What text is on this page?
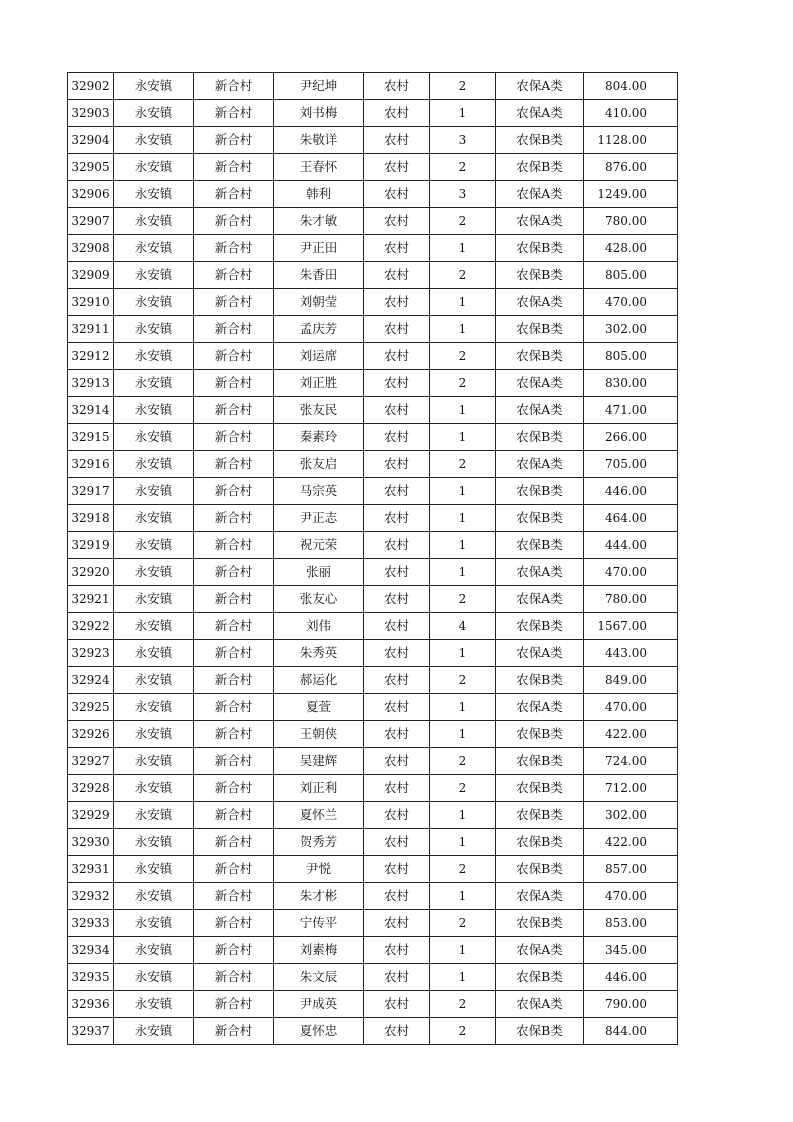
32902	永安镇	新合村	尹纪坤	农村	2	农保A类	804.00
32903	永安镇	新合村	刘书梅	农村	1	农保A类	410.00
32904	永安镇	新合村	朱敬详	农村	3	农保B类	1128.00
32905	永安镇	新合村	王春怀	农村	2	农保B类	876.00
32906	永安镇	新合村	韩利	农村	3	农保A类	1249.00
32907	永安镇	新合村	朱才敏	农村	2	农保A类	780.00
32908	永安镇	新合村	尹正田	农村	1	农保B类	428.00
32909	永安镇	新合村	朱香田	农村	2	农保B类	805.00
32910	永安镇	新合村	刘朝莹	农村	1	农保A类	470.00
32911	永安镇	新合村	孟庆芳	农村	1	农保B类	302.00
32912	永安镇	新合村	刘运席	农村	2	农保B类	805.00
32913	永安镇	新合村	刘正胜	农村	2	农保A类	830.00
32914	永安镇	新合村	张友民	农村	1	农保A类	471.00
32915	永安镇	新合村	秦素玲	农村	1	农保B类	266.00
32916	永安镇	新合村	张友启	农村	2	农保A类	705.00
32917	永安镇	新合村	马宗英	农村	1	农保B类	446.00
32918	永安镇	新合村	尹正志	农村	1	农保B类	464.00
32919	永安镇	新合村	祝元荣	农村	1	农保B类	444.00
32920	永安镇	新合村	张丽	农村	1	农保A类	470.00
32921	永安镇	新合村	张友心	农村	2	农保A类	780.00
32922	永安镇	新合村	刘伟	农村	4	农保B类	1567.00
32923	永安镇	新合村	朱秀英	农村	1	农保A类	443.00
32924	永安镇	新合村	郝运化	农村	2	农保B类	849.00
32925	永安镇	新合村	夏萱	农村	1	农保A类	470.00
32926	永安镇	新合村	王朝侠	农村	1	农保B类	422.00
32927	永安镇	新合村	吴建辉	农村	2	农保B类	724.00
32928	永安镇	新合村	刘正利	农村	2	农保B类	712.00
32929	永安镇	新合村	夏怀兰	农村	1	农保B类	302.00
32930	永安镇	新合村	贺秀芳	农村	1	农保B类	422.00
32931	永安镇	新合村	尹悦	农村	2	农保B类	857.00
32932	永安镇	新合村	朱才彬	农村	1	农保A类	470.00
32933	永安镇	新合村	宁传平	农村	2	农保B类	853.00
32934	永安镇	新合村	刘素梅	农村	1	农保A类	345.00
32935	永安镇	新合村	朱文辰	农村	1	农保B类	446.00
32936	永安镇	新合村	尹成英	农村	2	农保A类	790.00
32937	永安镇	新合村	夏怀忠	农村	2	农保B类	844.00
